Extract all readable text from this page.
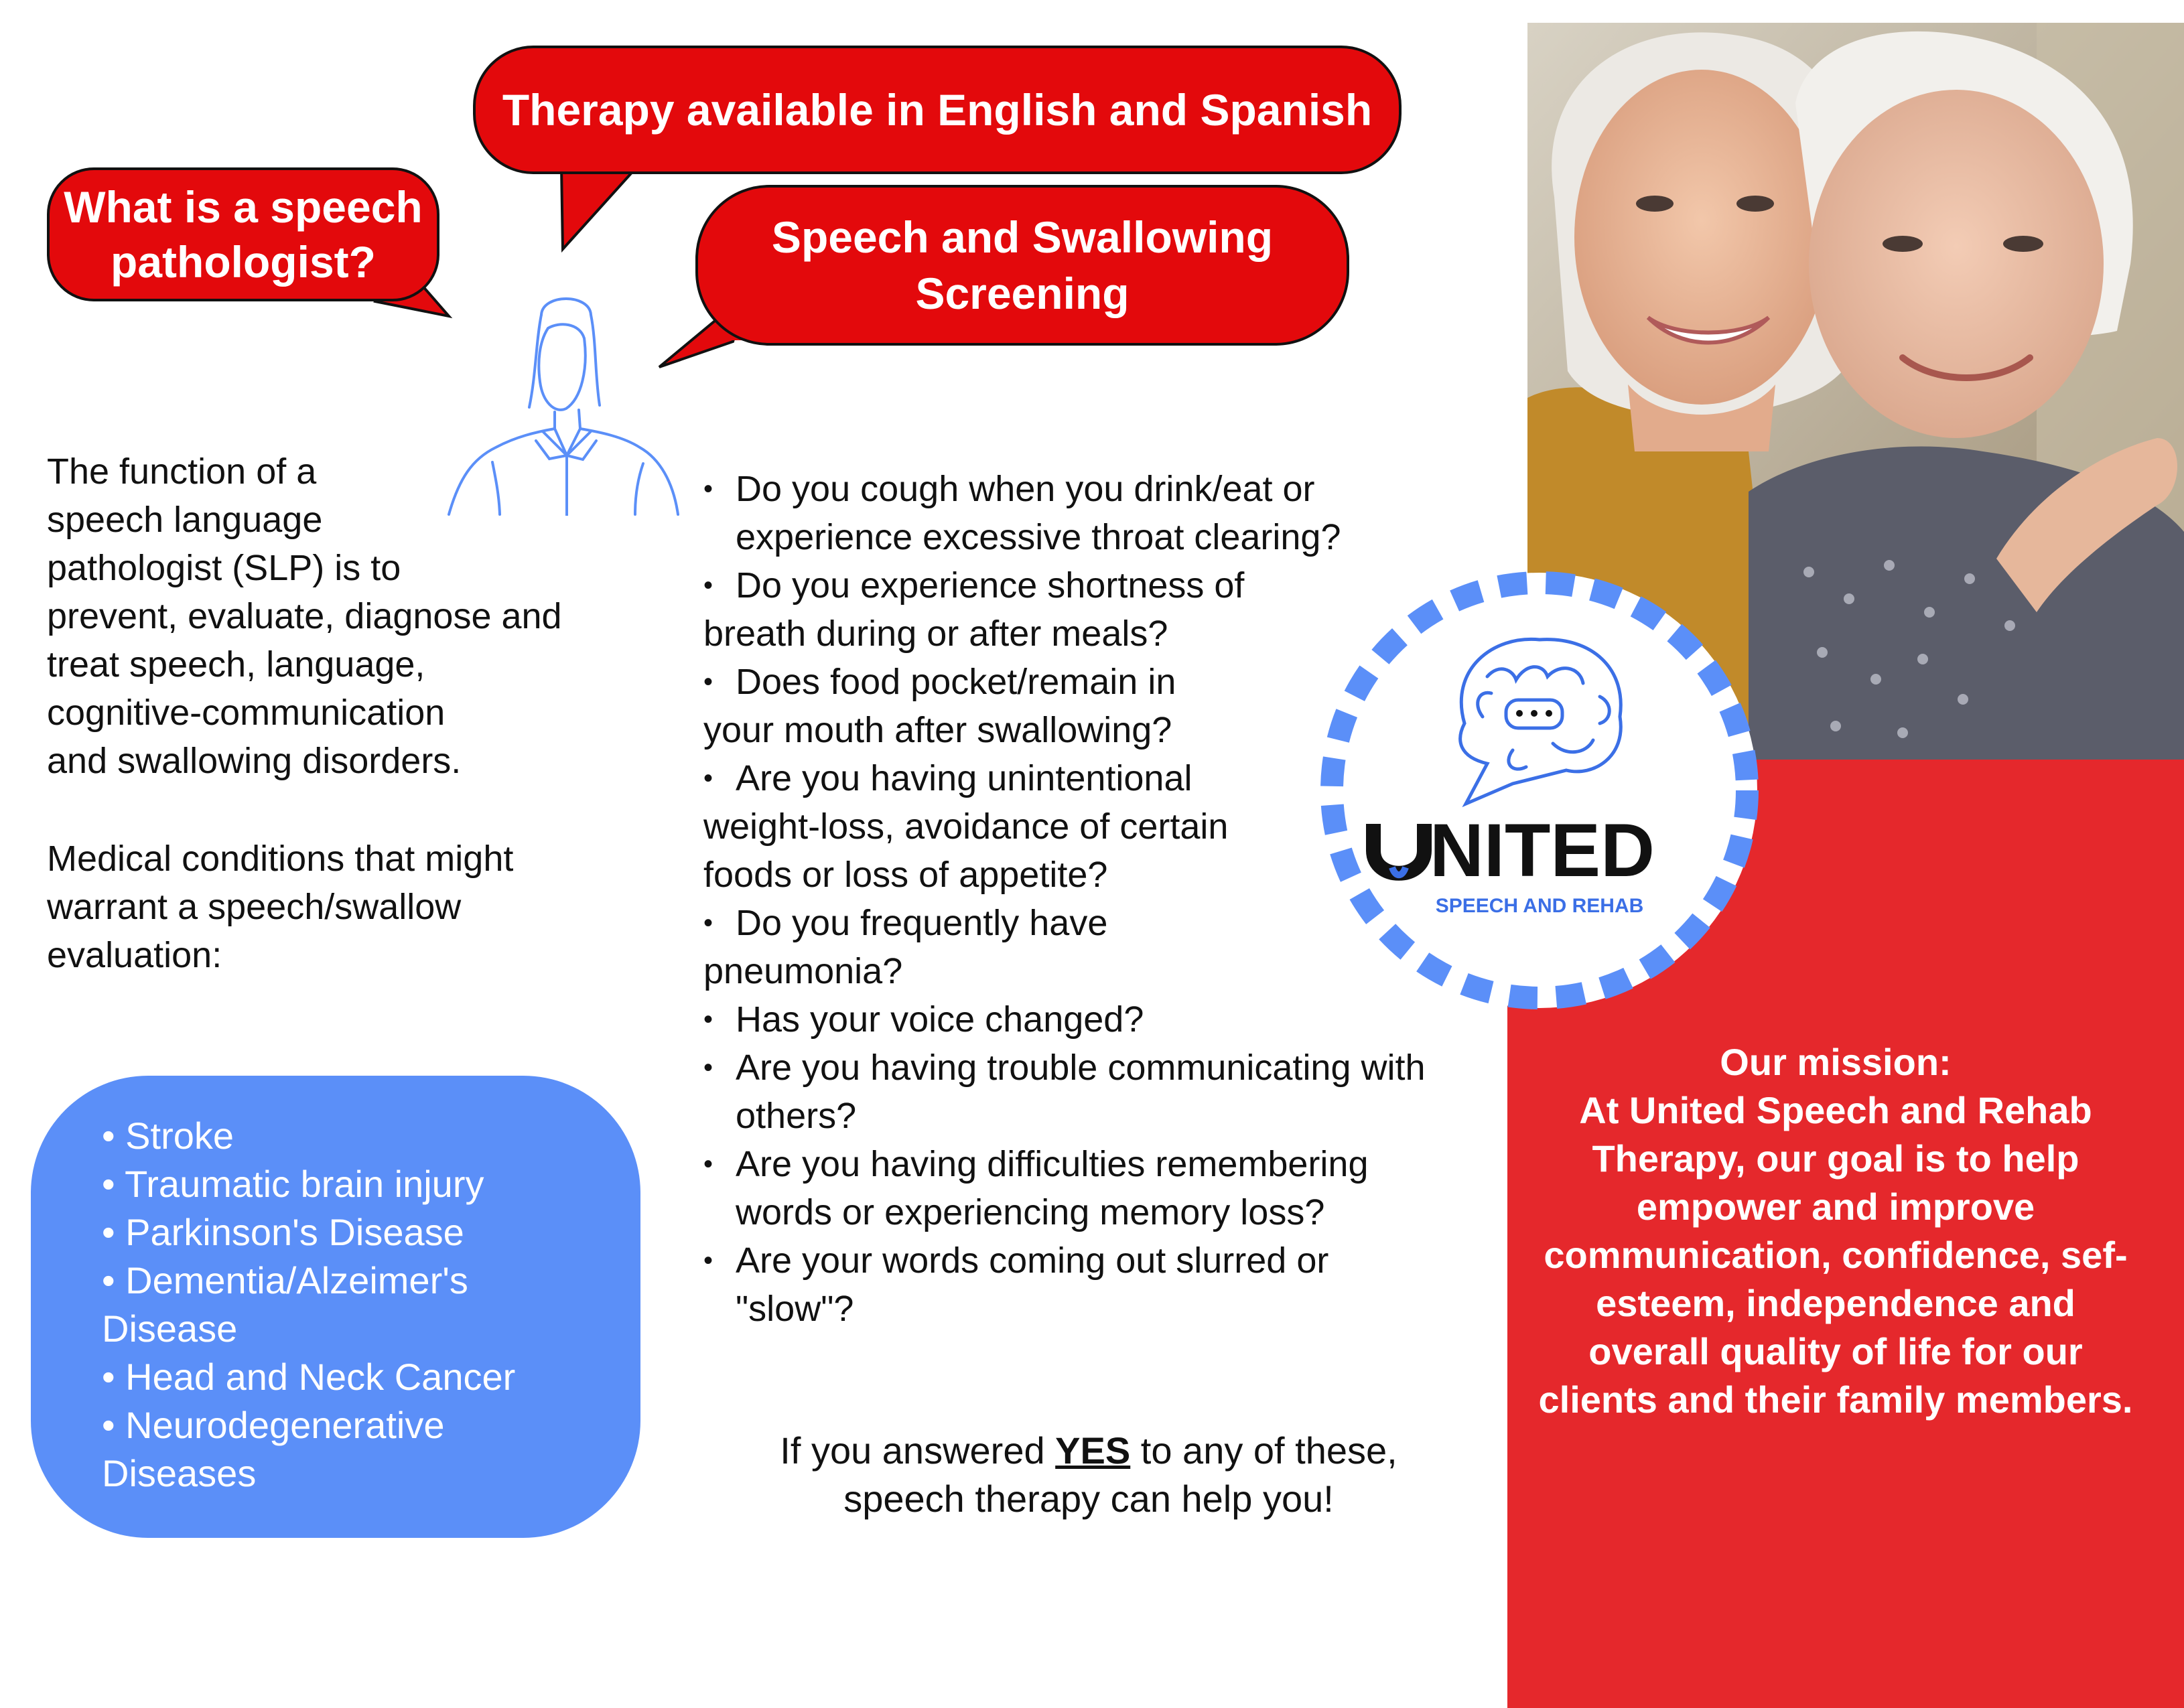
Therapy available in English and Spanish
What is a speech
pathologist?	Speech and Swallowing
Screening
The function of a
speech language
pathologist (SLP) is to
prevent, evaluate, diagnose and
treat speech, language,
cognitive-communication
and swallowing disorders.
Medical conditions that might
warrant a speech/swallow
evaluation:
• Stroke
• Traumatic brain injury
• Parkinson's Disease
• Dementia/Alzeimer's
Disease
• Head and Neck Cancer
• Neurodegenerative
Diseases
• Do you cough when you drink/eat or
experience excessive throat clearing?
• Do you experience shortness of
breath during or after meals?
• Does food pocket/remain in
your mouth after swallowing?
• Are you having unintentional
weight-loss, avoidance of certain
foods or loss of appetite?
• Do you frequently have
pneumonia?
• Has your voice changed?
• Are you having trouble communicating with
others?
• Are you having difficulties remembering
words or experiencing memory loss?
• Are your words coming out slurred or
"slow"?
If you answered YES to any of these,
speech therapy can help you!
Our mission:
At United Speech and Rehab Therapy, our goal is to help empower and improve communication, confidence, sef-esteem, independence and overall quality of life for our clients and their family members.
NITED
SPEECH AND REHAB
